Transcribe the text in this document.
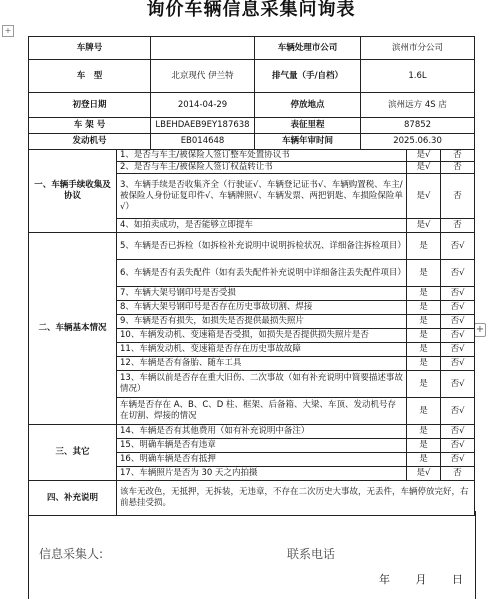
询价车辆信息采集问询表
+
+
车牌号			车辆处理市公司	滨州市分公司		
车　型		北京现代 伊兰特	排气量（手/自档）	1.6L		
初登日期		2014-04-29	停放地点	滨州远方 4S 店		
车 架 号		LBEHDAEB9EY187638	表征里程	87852		
发动机号		EB014648	车辆年审时间	2025.06.30		
一、车辆手续收集及协议	1、是否与车主/被保险人签订整车处置协议书				是√	否
	2、是否与车主/被保险人签订权益转让书				是√	否
	3、车辆手续是否收集齐全（行驶证√、车辆登记证书√、车辆购置税、车主/被保险人身份证复印件√、车辆牌照√、车辆发票、两把钥匙、车损险保险单√）				是√	否
	4、如拍卖成功，是否能够立即提车				是√	否
二、车辆基本情况	5、车辆是否已拆检（如拆检补充说明中说明拆检状况、详细备注拆检项目）				是	否√
	6、车辆是否有丢失配件（如有丢失配件补充说明中详细备注丢失配件项目）				是	否√
	7、车辆大架号钢印号是否受损				是	否√
	8、车辆大架号钢印号是否存在历史事故切割、焊接				是	否√
	9、车辆是否有损失，如损失是否提供最损失照片				是	否√
	10、车辆发动机、变速箱是否受损，如损失是否提供损失照片是否				是	否√
	11、车辆发动机、变速箱是否存在历史事故故障				是	否√
	12、车辆是否有备胎、随车工具				是	否√
	13、车辆以前是否存在重大旧伤、二次事故（如有补充说明中简要描述事故情况）				是	否√
	车辆是否存在 A、B、C、D 柱、框架、后备箱、大梁、车顶、发动机号存在切割、焊接的情况				是	否√
三、其它	14、车辆是否有其他费用（如有补充说明中备注）				是	否√
	15、明确车辆是否有违章				是	否√
	16、明确车辆是否有抵押				是	否√
	17、车辆照片是否为 30 天之内拍摄				是√	否
四、补充说明	该车无改色，无抵押，无拆装，无违章，不存在二次历史大事故，无丢件，车辆停放完好，右前悬挂受损。					
信息采集人:	联系电话
年 月 日
